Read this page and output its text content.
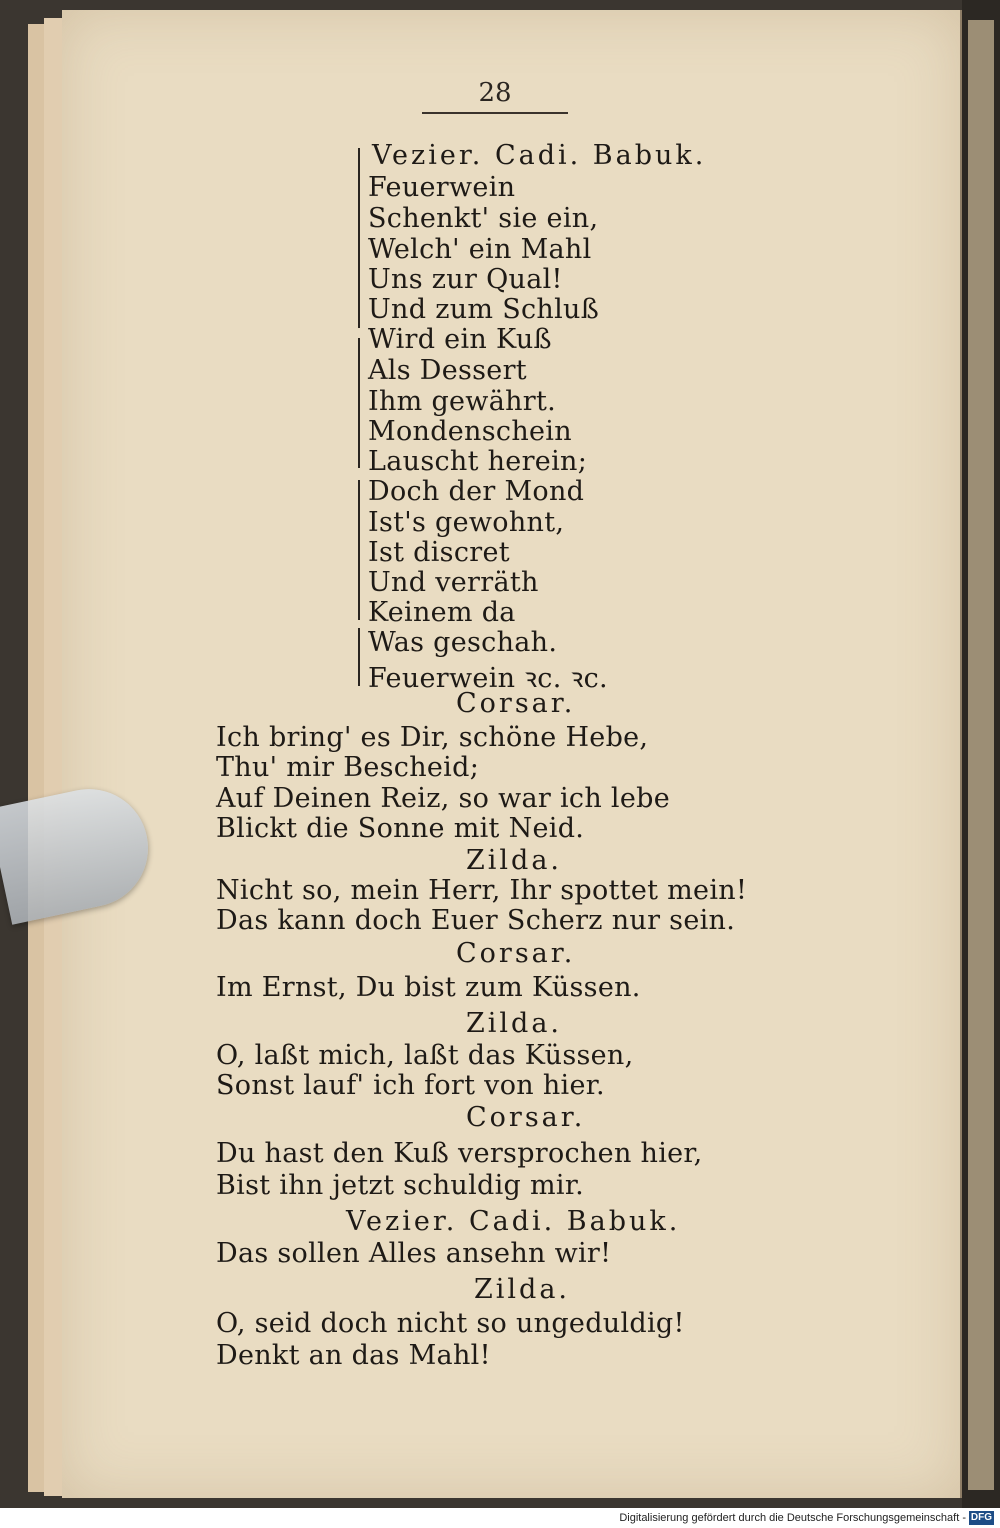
28
Vezier. Cadi. Babuk.
Feuerwein
Schenkt' sie ein,
Welch' ein Mahl
Uns zur Qual!
Und zum Schluß
Wird ein Kuß
Als Dessert
Ihm gewährt.
Mondenschein
Lauscht herein;
Doch der Mond
Ist's gewohnt,
Ist discret
Und verräth
Keinem da
Was geschah.
Feuerwein ꝛc. ꝛc.
Corsar.
Ich bring' es Dir, schöne Hebe,
Thu' mir Bescheid;
Auf Deinen Reiz, so war ich lebe
Blickt die Sonne mit Neid.
Zilda.
Nicht so, mein Herr, Ihr spottet mein!
Das kann doch Euer Scherz nur sein.
Corsar.
Im Ernst, Du bist zum Küssen.
Zilda.
O, laßt mich, laßt das Küssen,
Sonst lauf' ich fort von hier.
Corsar.
Du hast den Kuß versprochen hier,
Bist ihn jetzt schuldig mir.
Vezier. Cadi. Babuk.
Das sollen Alles ansehn wir!
Zilda.
O, seid doch nicht so ungeduldig!
Denkt an das Mahl!
Digitalisierung gefördert durch die Deutsche Forschungsgemeinschaft - DFG
